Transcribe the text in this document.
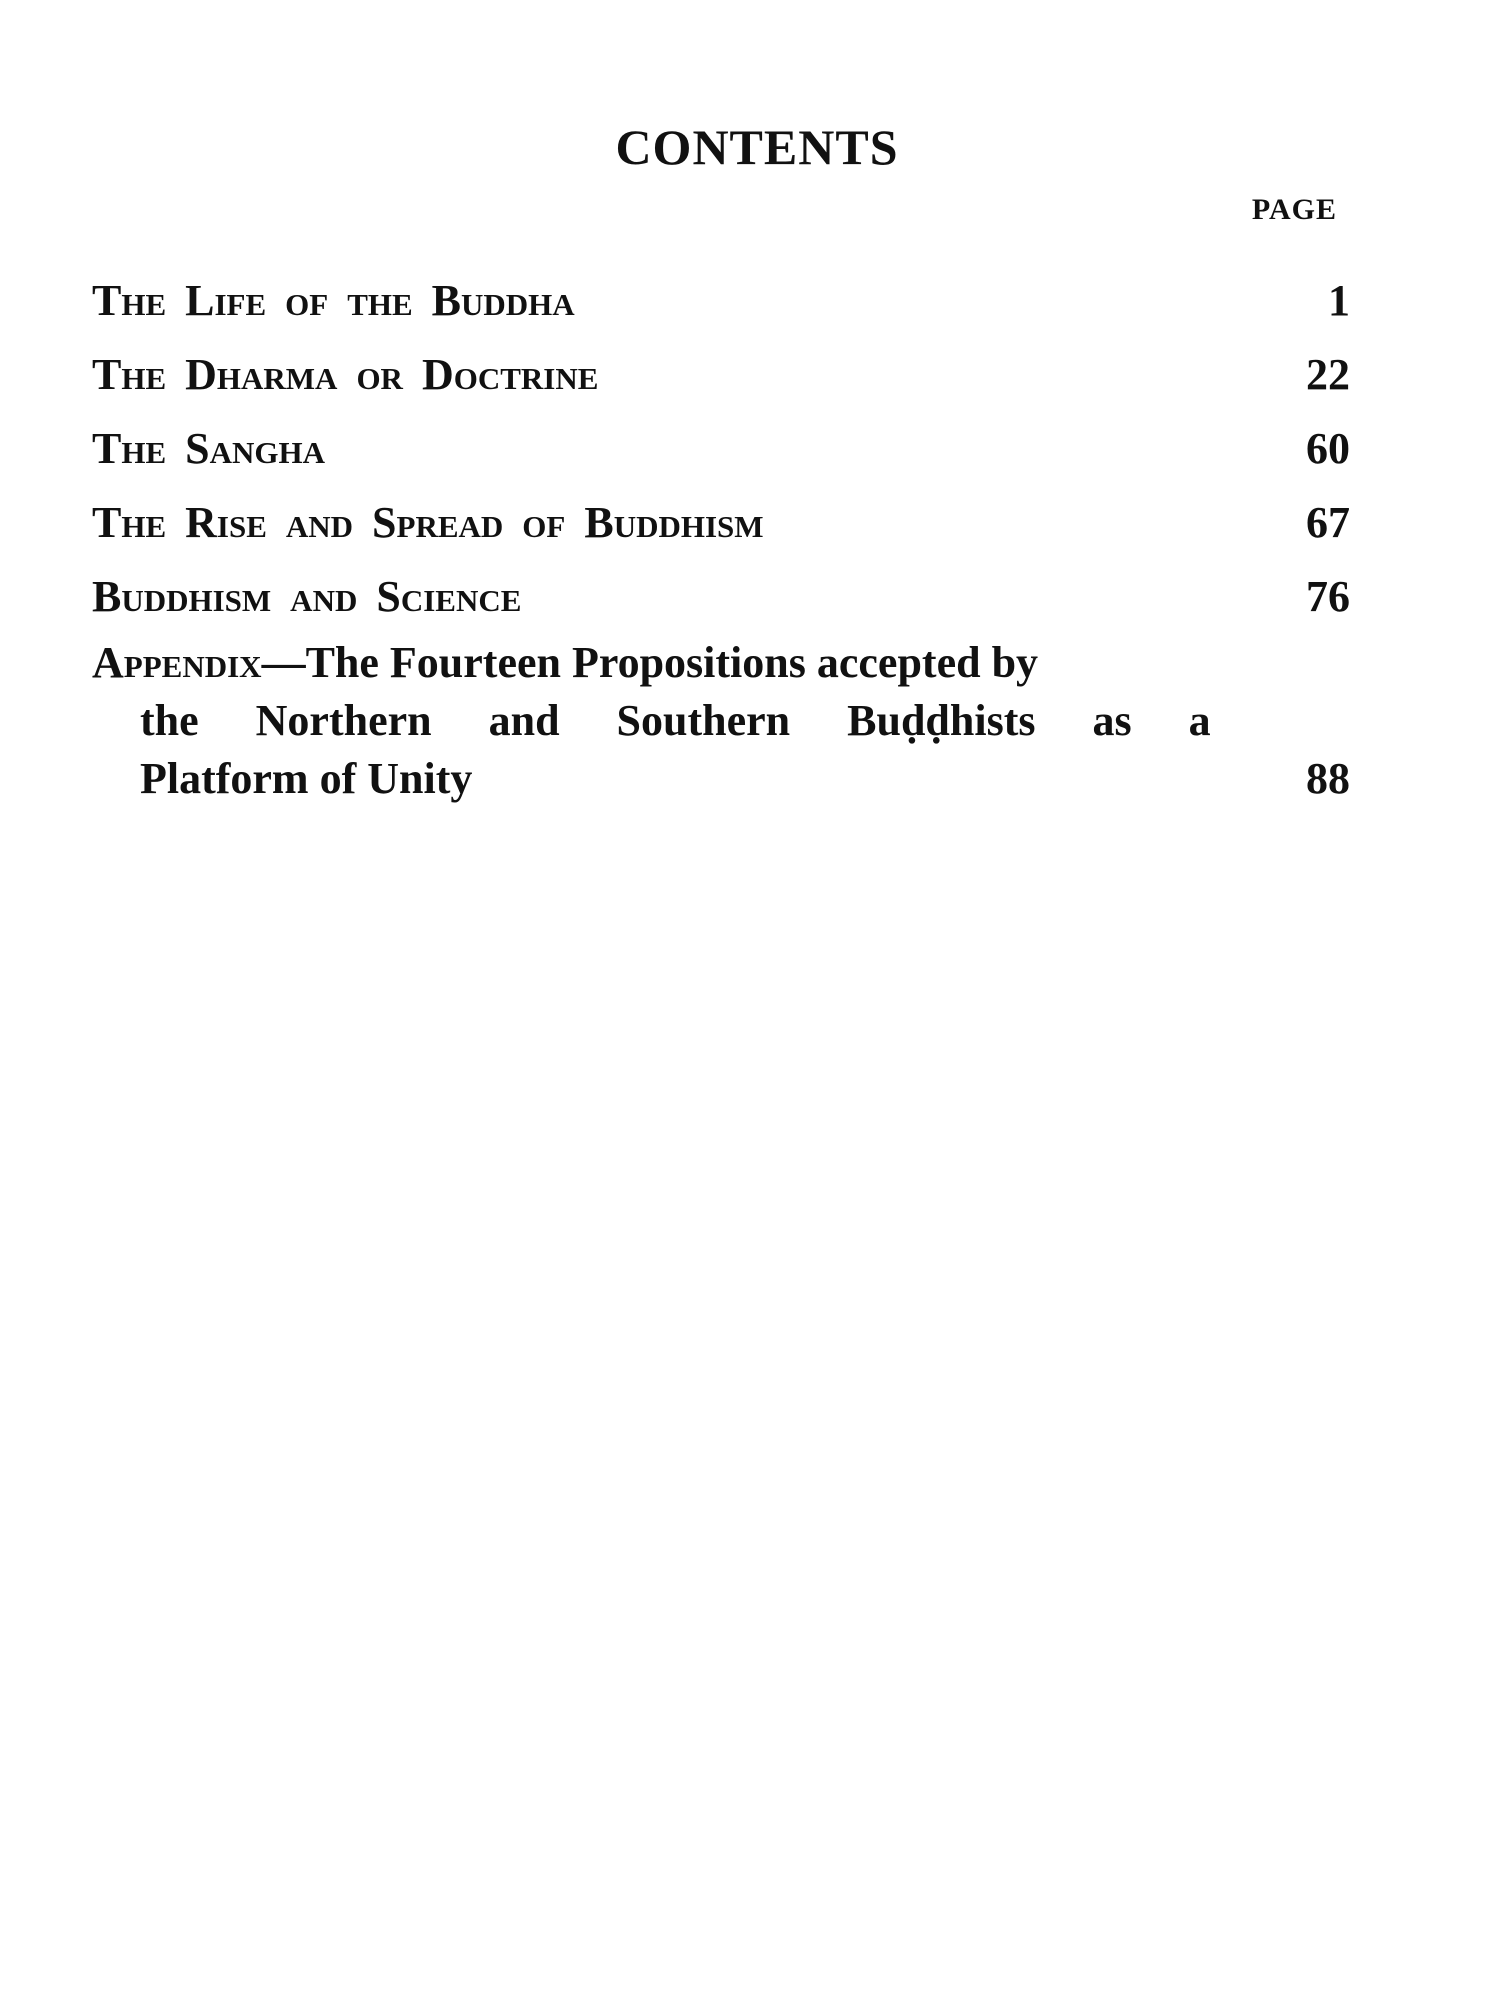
CONTENTS
PAGE
The Life of the Buddha	1
The Dharma or Doctrine	22
The Sangha	60
The Rise and Spread of Buddhism	67
Buddhism and Science	76
Appendix—The Fourteen Propositions accepted by
the Northern and Southern Buḍḍhists as a
Platform of Unity	88
